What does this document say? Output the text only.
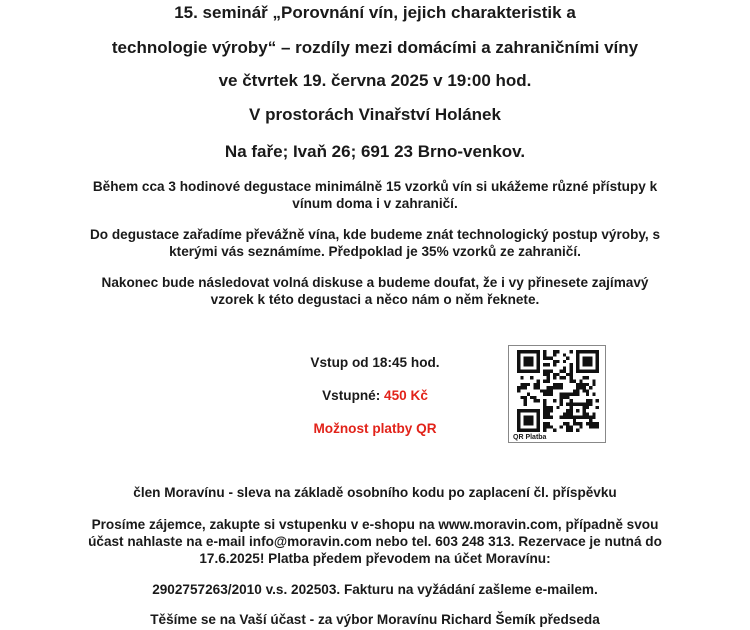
15. seminář „Porovnání vín, jejich charakteristik a
technologie výroby“ – rozdíly mezi domácími a zahraničními víny
ve čtvrtek 19. června 2025 v 19:00 hod.
V prostorách Vinařství Holánek
Na faře; Ivaň 26; 691 23 Brno-venkov.
Během cca 3 hodinové degustace minimálně 15 vzorků vín si ukážeme různé přístupy k
vínum doma i v zahraničí.
Do degustace zařadíme převážně vína, kde budeme znát technologický postup výroby, s
kterými vás seznámíme. Předpoklad je 35% vzorků ze zahraničí.
Nakonec bude následovat volná diskuse a budeme doufat, že i vy přinesete zajímavý
vzorek k této degustaci a něco nám o něm řeknete.
Vstup od 18:45 hod.
Vstupné: 450 Kč
Možnost platby QR
QR Platba
člen Moravínu - sleva na základě osobního kodu po zaplacení čl. příspěvku
Prosíme zájemce, zakupte si vstupenku v e-shopu na www.moravin.com, případně svou
účast nahlaste na e-mail info@moravin.com nebo tel. 603 248 313. Rezervace je nutná do
17.6.2025! Platba předem převodem na účet Moravínu:
2902757263/2010 v.s. 202503. Fakturu na vyžádání zašleme e-mailem.
Těšíme se na Vaší účast - za výbor Moravínu Richard Šemík předseda
